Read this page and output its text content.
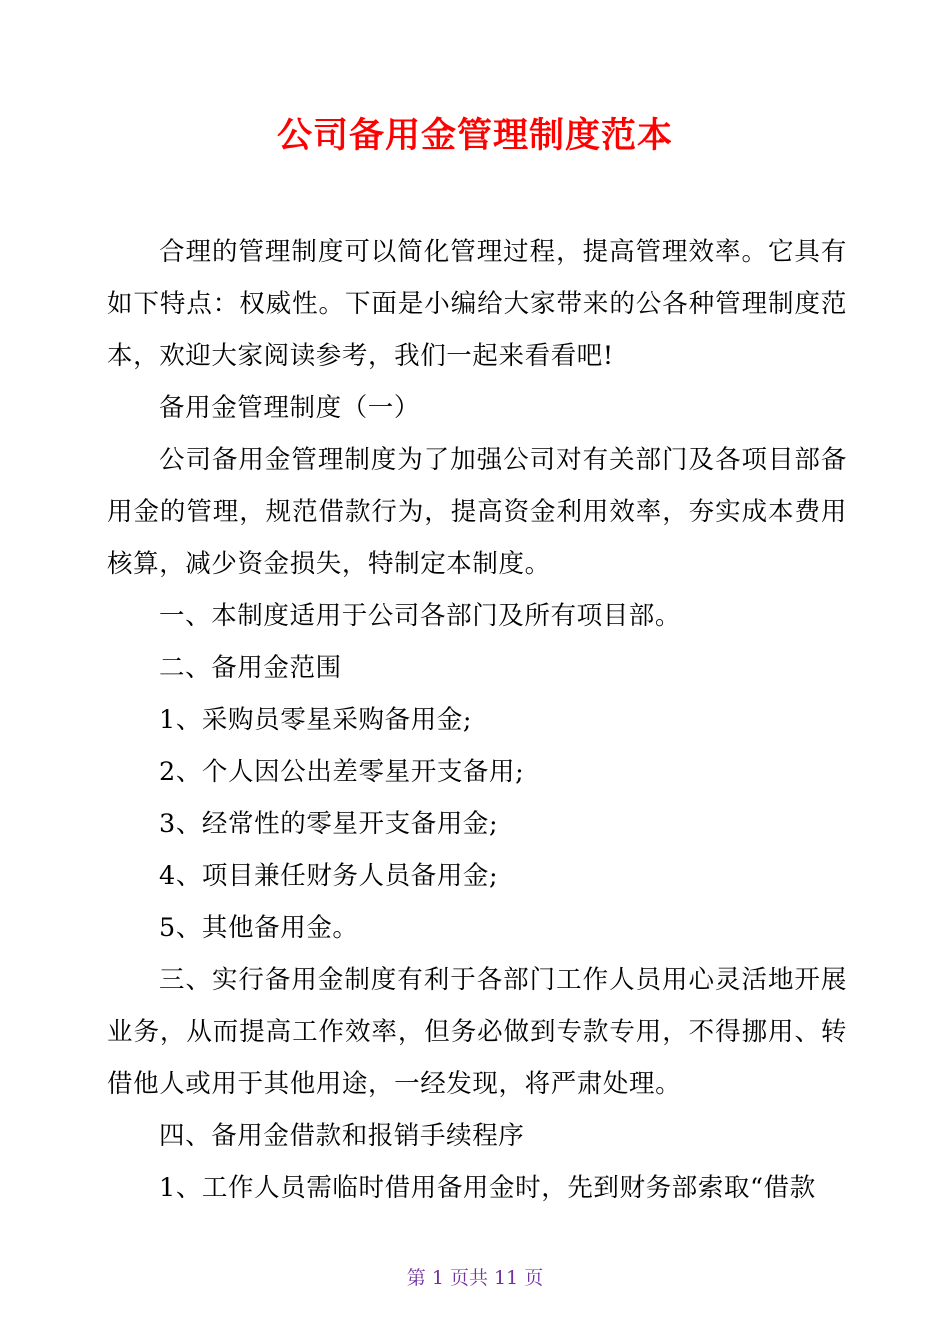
公司备用金管理制度范本

合理的管理制度可以简化管理过程，提高管理效率。它具有如下特点：权威性。下面是小编给大家带来的公各种管理制度范本，欢迎大家阅读参考，我们一起来看看吧!

备用金管理制度（一）

公司备用金管理制度为了加强公司对有关部门及各项目部备用金的管理，规范借款行为，提高资金利用效率，夯实成本费用核算，减少资金损失，特制定本制度。

一、本制度适用于公司各部门及所有项目部。

二、备用金范围

1、采购员零星采购备用金;

2、个人因公出差零星开支备用;

3、经常性的零星开支备用金;

4、项目兼任财务人员备用金;

5、其他备用金。

三、实行备用金制度有利于各部门工作人员用心灵活地开展业务，从而提高工作效率，但务必做到专款专用，不得挪用、转借他人或用于其他用途，一经发现，将严肃处理。

四、备用金借款和报销手续程序

1、工作人员需临时借用备用金时，先到财务部索取“借款

第 1 页共 11 页
